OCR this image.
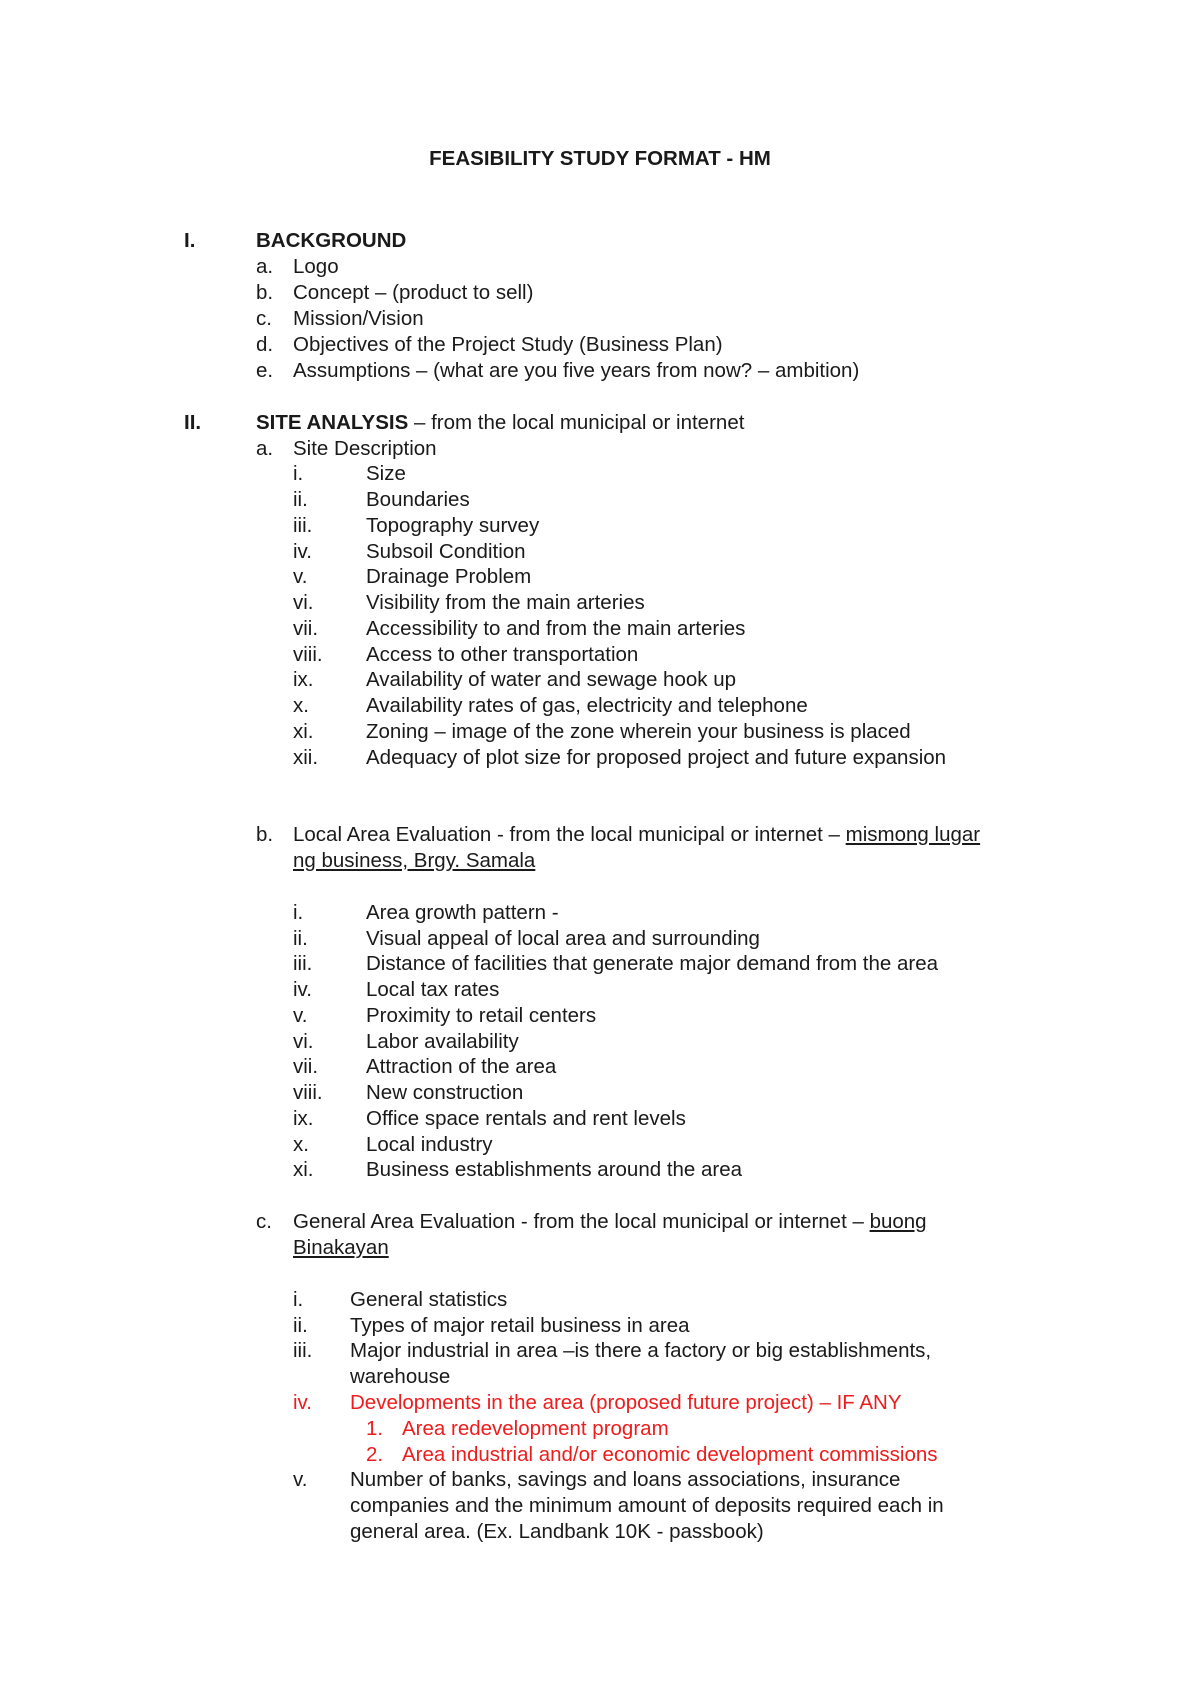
FEASIBILITY STUDY FORMAT - HM
I.	BACKGROUND
a. Logo
b. Concept – (product to sell)
c. Mission/Vision
d. Objectives of the Project Study (Business Plan)
e. Assumptions – (what are you five years from now? – ambition)
II.	SITE ANALYSIS – from the local municipal or internet
a. Site Description
i.	Size
ii.	Boundaries
iii.	Topography survey
iv.	Subsoil Condition
v.	Drainage Problem
vi.	Visibility from the main arteries
vii. Accessibility to and from the main arteries
viii. Access to other transportation
ix.	Availability of water and sewage hook up
x.	Availability rates of gas, electricity and telephone
xi.	Zoning – image of the zone wherein your business is placed
xii. Adequacy of plot size for proposed project and future expansion
b. Local Area Evaluation - from the local municipal or internet – mismong lugar
ng business, Brgy. Samala
i.	Area growth pattern -
ii.	Visual appeal of local area and surrounding
iii.	Distance of facilities that generate major demand from the area
iv.	Local tax rates
v.	Proximity to retail centers
vi.	Labor availability
vii. Attraction of the area
viii. New construction
ix.	Office space rentals and rent levels
x.	Local industry
xi.	Business establishments around the area
c. General Area Evaluation - from the local municipal or internet – buong
Binakayan
i. General statistics
ii. Types of major retail business in area
iii. Major industrial in area –is there a factory or big establishments,
warehouse
iv. Developments in the area (proposed future project) – IF ANY
1. Area redevelopment program
2. Area industrial and/or economic development commissions
v. Number of banks, savings and loans associations, insurance
companies and the minimum amount of deposits required each in
general area. (Ex. Landbank 10K - passbook)
